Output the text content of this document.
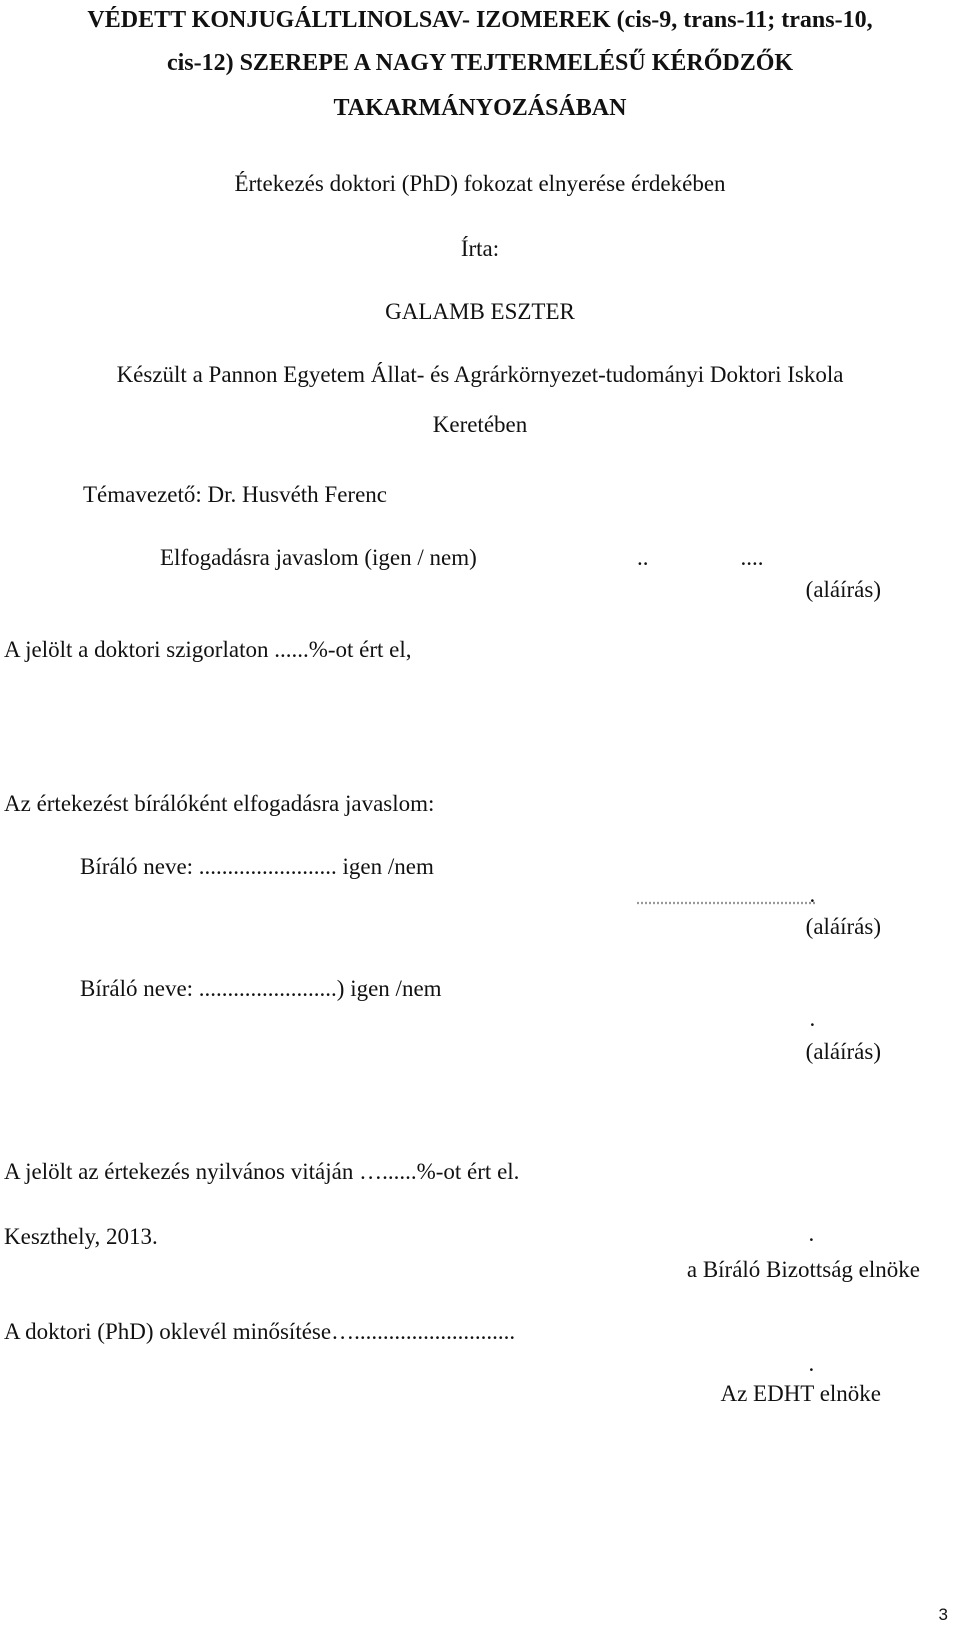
VÉDETT KONJUGÁLTLINOLSAV- IZOMEREK (cis-9, trans-11; trans-10,
cis-12) SZEREPE A NAGY TEJTERMELÉSŰ KÉRŐDZŐK
TAKARMÁNYOZÁSÁBAN
Értekezés doktori (PhD) fokozat elnyerése érdekében
Írta:
GALAMB ESZTER
Készült a Pannon Egyetem Állat- és Agrárkörnyezet-tudományi Doktori Iskola
Keretében
Témavezető: Dr. Husvéth Ferenc
Elfogadásra javaslom (igen / nem)	..                ....
(aláírás)
A jelölt a doktori szigorlaton ......%-ot ért el,
Az értekezést bírálóként elfogadásra javaslom:
Bíráló neve: ........................ igen /nem
.
(aláírás)
Bíráló neve: ........................) igen /nem
.
(aláírás)
A jelölt az értekezés nyilvános vitáján …......%-ot ért el.
Keszthely, 2013.	.
a Bíráló Bizottság elnöke
A doktori (PhD) oklevél minősítése…............................
.
Az EDHT elnöke
3
